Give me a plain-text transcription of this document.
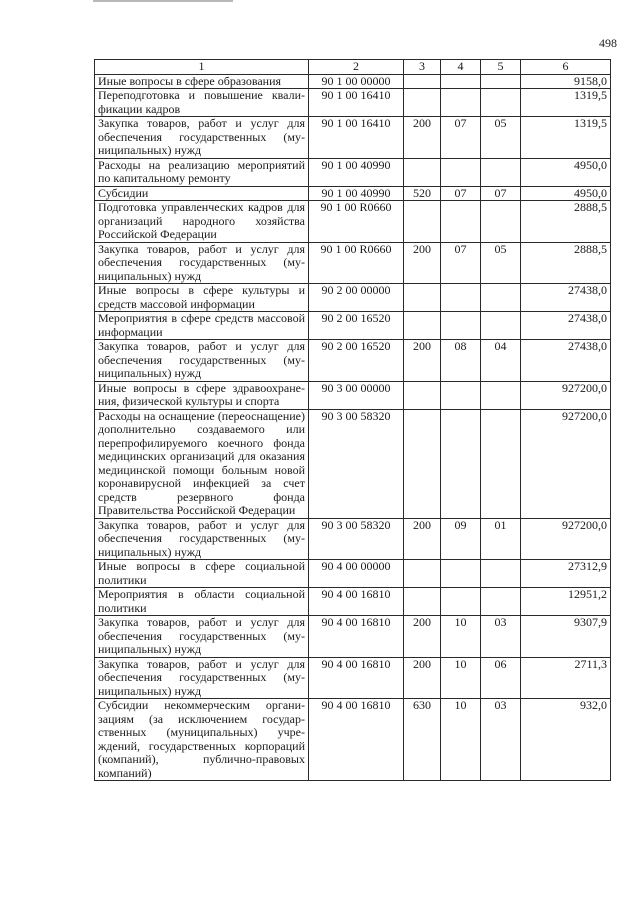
498
1	2	3	4	5	6
Иные вопросы в сфере образования	90 1 00 00000				9158,0
Переподготовка и повышение квалификации кадров	90 1 00 16410				1319,5
Закупка товаров, работ и услуг для обеспечения государственных (муниципальных) нужд	90 1 00 16410	200	07	05	1319,5
Расходы на реализацию мероприятий по капитальному ремонту	90 1 00 40990				4950,0
Субсидии	90 1 00 40990	520	07	07	4950,0
Подготовка управленческих кадров для организаций народного хозяйства Российской Федерации	90 1 00 R0660				2888,5
Закупка товаров, работ и услуг для обеспечения государственных (муниципальных) нужд	90 1 00 R0660	200	07	05	2888,5
Иные вопросы в сфере культуры и средств массовой информации	90 2 00 00000				27438,0
Мероприятия в сфере средств массовой информации	90 2 00 16520				27438,0
Закупка товаров, работ и услуг для обеспечения государственных (муниципальных) нужд	90 2 00 16520	200	08	04	27438,0
Иные вопросы в сфере здравоохранения, физической культуры и спорта	90 3 00 00000				927200,0
Расходы на оснащение (переоснащение) дополнительно создаваемого или перепрофилируемого коечного фонда медицинских организаций для оказания медицинской помощи больным новой коронавирусной инфекцией за счет средств резервного фонда Правительства Российской Федерации	90 3 00 58320				927200,0
Закупка товаров, работ и услуг для обеспечения государственных (муниципальных) нужд	90 3 00 58320	200	09	01	927200,0
Иные вопросы в сфере социальной политики	90 4 00 00000				27312,9
Мероприятия в области социальной политики	90 4 00 16810				12951,2
Закупка товаров, работ и услуг для обеспечения государственных (муниципальных) нужд	90 4 00 16810	200	10	03	9307,9
Закупка товаров, работ и услуг для обеспечения государственных (муниципальных) нужд	90 4 00 16810	200	10	06	2711,3
Субсидии некоммерческим организациям (за исключением государственных (муниципальных) учреждений, государственных корпораций (компаний), публично-правовых компаний)	90 4 00 16810	630	10	03	932,0
